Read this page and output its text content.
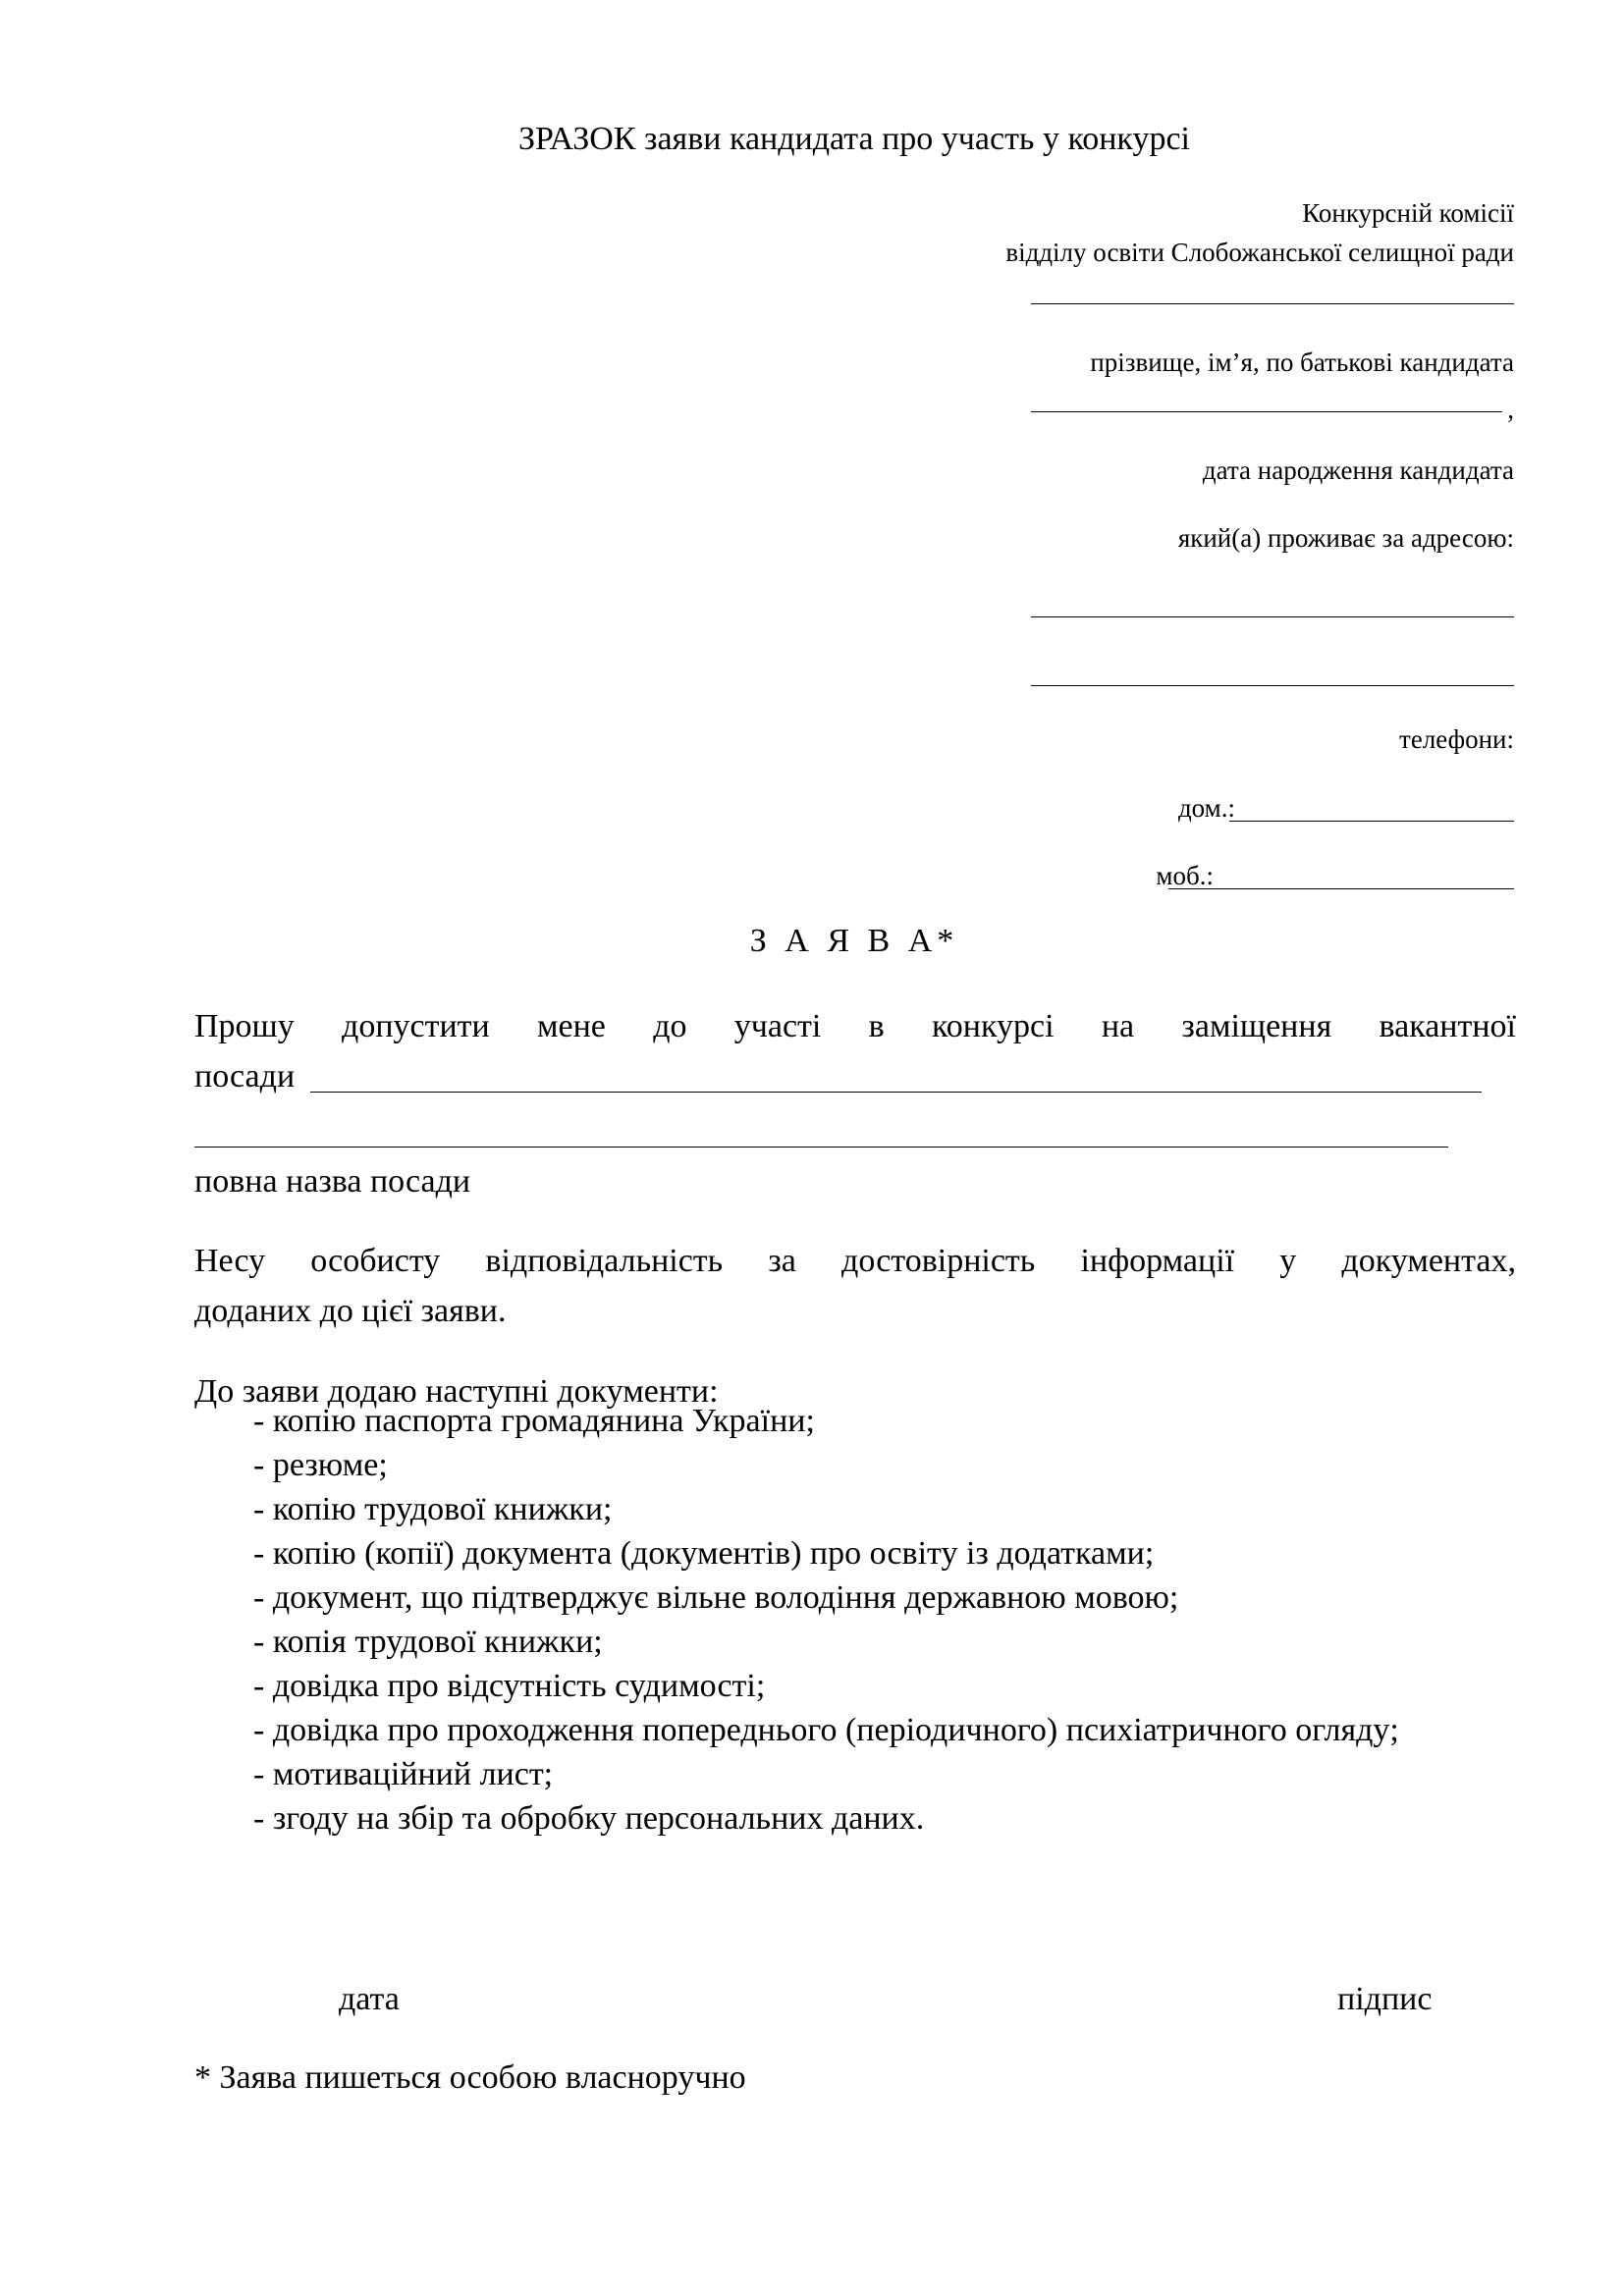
ЗРАЗОК заяви кандидата про участь у конкурсі
Конкурсній комісії
відділу освіти Слобожанської селищної ради
прізвище, ім’я, по батькові кандидата
,
дата народження кандидата
який(а) проживає за адресою:
телефони:
дом.:
моб.:
З А Я В А*
Прошу допустити мене до участі в конкурсі на заміщення вакантної
посади
повна назва посади
Несу особисту відповідальність за достовірність інформації у документах,
доданих до цієї заяви.
До заяви додаю наступні документи:
- копію паспорта громадянина України;
- резюме;
- копію трудової книжки;
- копію (копії) документа (документів) про освіту із додатками;
- документ, що підтверджує вільне володіння державною мовою;
- копія трудової книжки;
- довідка про відсутність судимості;
- довідка про проходження попереднього (періодичного) психіатричного оглядy;
- мотиваційний лист;
- згоду на збір та обробку персональних даних.
дата	підпис
* Заява пишеться особою власноручно
